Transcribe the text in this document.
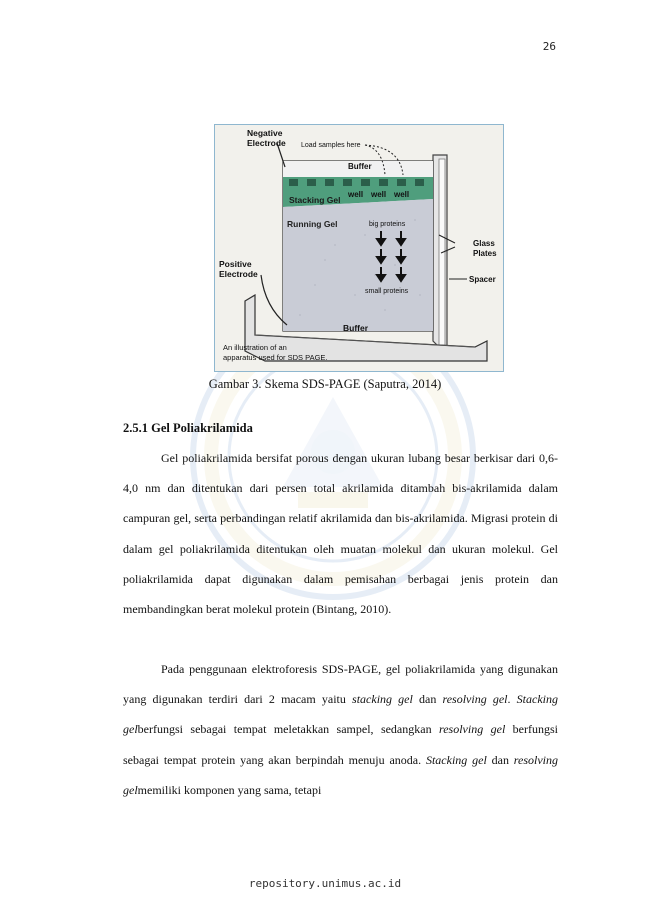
26
Negative
Electrode Load samples here
Buffer
well well well
Stacking Gel
Running Gel	big proteins
small proteins
Glass
Plates
Spacer
Positive
Electrode
Buffer
An illustration of an
apparatus used for SDS PAGE.
Gambar 3. Skema SDS-PAGE (Saputra, 2014)
2.5.1 Gel Poliakrilamida

Gel poliakrilamida bersifat porous dengan ukuran lubang besar berkisar dari 0,6-4,0 nm dan ditentukan dari persen total akrilamida ditambah bis-akrilamida dalam campuran gel, serta perbandingan relatif akrilamida dan bis-akrilamida. Migrasi protein di dalam gel poliakrilamida ditentukan oleh muatan molekul dan ukuran molekul. Gel poliakrilamida dapat digunakan dalam pemisahan berbagai jenis protein dan membandingkan berat molekul protein (Bintang, 2010).

Pada penggunaan elektroforesis SDS-PAGE, gel poliakrilamida yang digunakan yang digunakan terdiri dari 2 macam yaitu stacking gel dan resolving gel. Stacking gelberfungsi sebagai tempat meletakkan sampel, sedangkan resolving gel berfungsi sebagai tempat protein yang akan berpindah menuju anoda. Stacking gel dan resolving gelmemiliki komponen yang sama, tetapi

repository.unimus.ac.id
